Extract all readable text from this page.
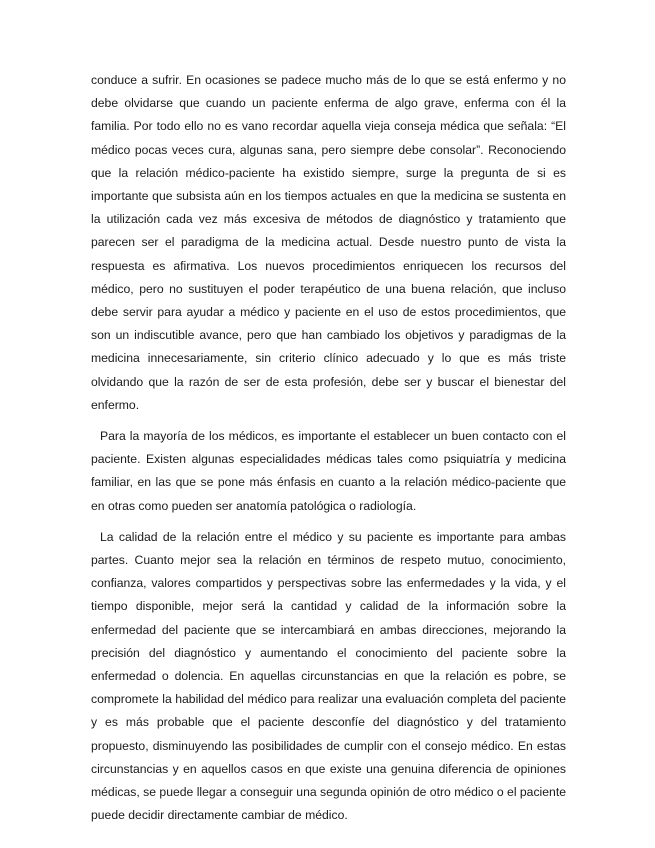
conduce a sufrir. En ocasiones se padece mucho más de lo que se está enfermo y no debe olvidarse que cuando un paciente enferma de algo grave, enferma con él la familia. Por todo ello no es vano recordar aquella vieja conseja médica que señala: “El médico pocas veces cura, algunas sana, pero siempre debe consolar”. Reconociendo que la relación médico-paciente ha existido siempre, surge la pregunta de si es importante que subsista aún en los tiempos actuales en que la medicina se sustenta en la utilización cada vez más excesiva de métodos de diagnóstico y tratamiento que parecen ser el paradigma de la medicina actual. Desde nuestro punto de vista la respuesta es afirmativa. Los nuevos procedimientos enriquecen los recursos del médico, pero no sustituyen el poder terapéutico de una buena relación, que incluso debe servir para ayudar a médico y paciente en el uso de estos procedimientos, que son un indiscutible avance, pero que han cambiado los objetivos y paradigmas de la medicina innecesariamente, sin criterio clínico adecuado y lo que es más triste olvidando que la razón de ser de esta profesión, debe ser y buscar el bienestar del enfermo.

Para la mayoría de los médicos, es importante el establecer un buen contacto con el paciente. Existen algunas especialidades médicas tales como psiquiatría y medicina familiar, en las que se pone más énfasis en cuanto a la relación médico-paciente que en otras como pueden ser anatomía patológica o radiología.

La calidad de la relación entre el médico y su paciente es importante para ambas partes. Cuanto mejor sea la relación en términos de respeto mutuo, conocimiento, confianza, valores compartidos y perspectivas sobre las enfermedades y la vida, y el tiempo disponible, mejor será la cantidad y calidad de la información sobre la enfermedad del paciente que se intercambiará en ambas direcciones, mejorando la precisión del diagnóstico y aumentando el conocimiento del paciente sobre la enfermedad o dolencia. En aquellas circunstancias en que la relación es pobre, se compromete la habilidad del médico para realizar una evaluación completa del paciente y es más probable que el paciente desconfíe del diagnóstico y del tratamiento propuesto, disminuyendo las posibilidades de cumplir con el consejo médico. En estas circunstancias y en aquellos casos en que existe una genuina diferencia de opiniones médicas, se puede llegar a conseguir una segunda opinión de otro médico o el paciente puede decidir directamente cambiar de médico.
